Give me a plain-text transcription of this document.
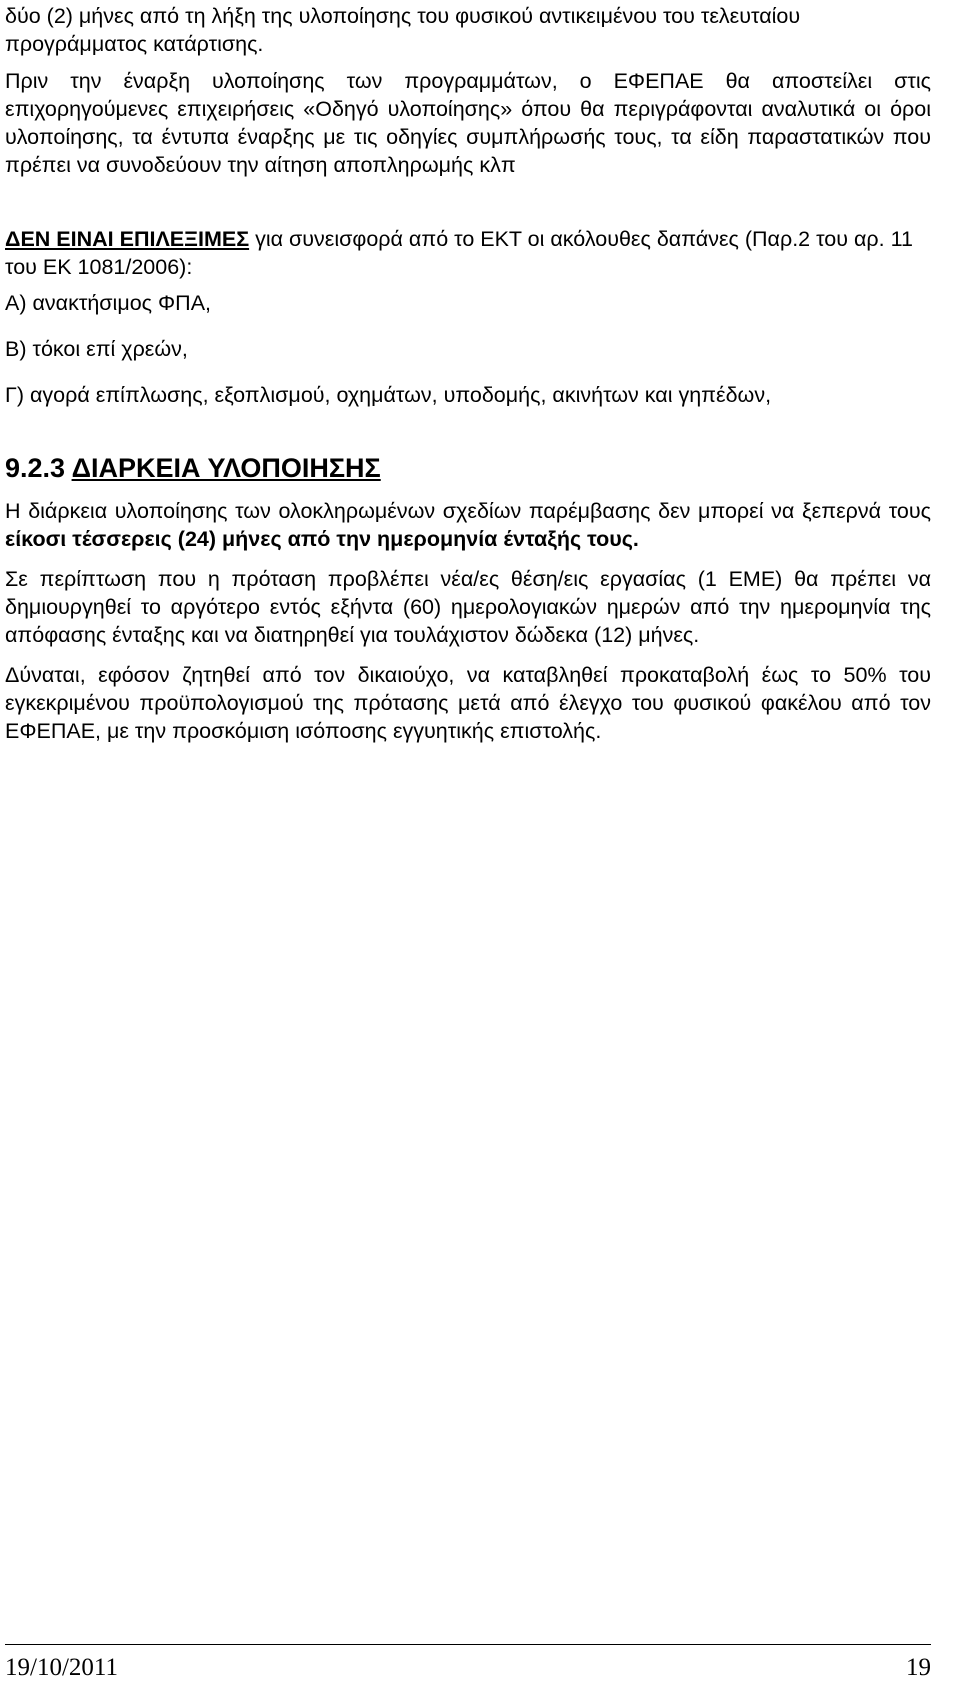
δύο (2) μήνες από τη λήξη της υλοποίησης του φυσικού αντικειμένου του τελευταίου
προγράμματος κατάρτισης.

Πριν την έναρξη υλοποίησης των προγραμμάτων, ο ΕΦΕΠΑΕ θα αποστείλει στις επιχορηγούμενες επιχειρήσεις «Οδηγό υλοποίησης» όπου θα περιγράφονται αναλυτικά οι όροι υλοποίησης, τα έντυπα έναρξης με τις οδηγίες συμπλήρωσής τους, τα είδη παραστατικών που πρέπει να συνοδεύουν την αίτηση αποπληρωμής κλπ

ΔΕΝ ΕΙΝΑΙ ΕΠΙΛΕΞΙΜΕΣ για συνεισφορά από το ΕΚΤ οι ακόλουθες δαπάνες (Παρ.2 του αρ. 11 του ΕΚ 1081/2006):

Α) ανακτήσιμος ΦΠΑ,

Β) τόκοι επί χρεών,

Γ) αγορά επίπλωσης, εξοπλισμού, οχημάτων, υποδομής, ακινήτων και γηπέδων,

9.2.3 ΔΙΑΡΚΕΙΑ ΥΛΟΠΟΙΗΣΗΣ

Η διάρκεια υλοποίησης των ολοκληρωμένων σχεδίων παρέμβασης δεν μπορεί να ξεπερνά τους είκοσι τέσσερεις (24) μήνες από την ημερομηνία ένταξής τους.

Σε περίπτωση που η πρόταση προβλέπει νέα/ες θέση/εις εργασίας (1 ΕΜΕ) θα πρέπει να δημιουργηθεί το αργότερο εντός εξήντα (60) ημερολογιακών ημερών από την ημερομηνία της απόφασης ένταξης και να διατηρηθεί για τουλάχιστον δώδεκα (12) μήνες.

Δύναται, εφόσον ζητηθεί από τον δικαιούχο, να καταβληθεί προκαταβολή έως το 50% του εγκεκριμένου προϋπολογισμού της πρότασης μετά από έλεγχο του φυσικού φακέλου από τον ΕΦΕΠΑΕ, με την προσκόμιση ισόποσης εγγυητικής επιστολής.

19/10/2011	19
